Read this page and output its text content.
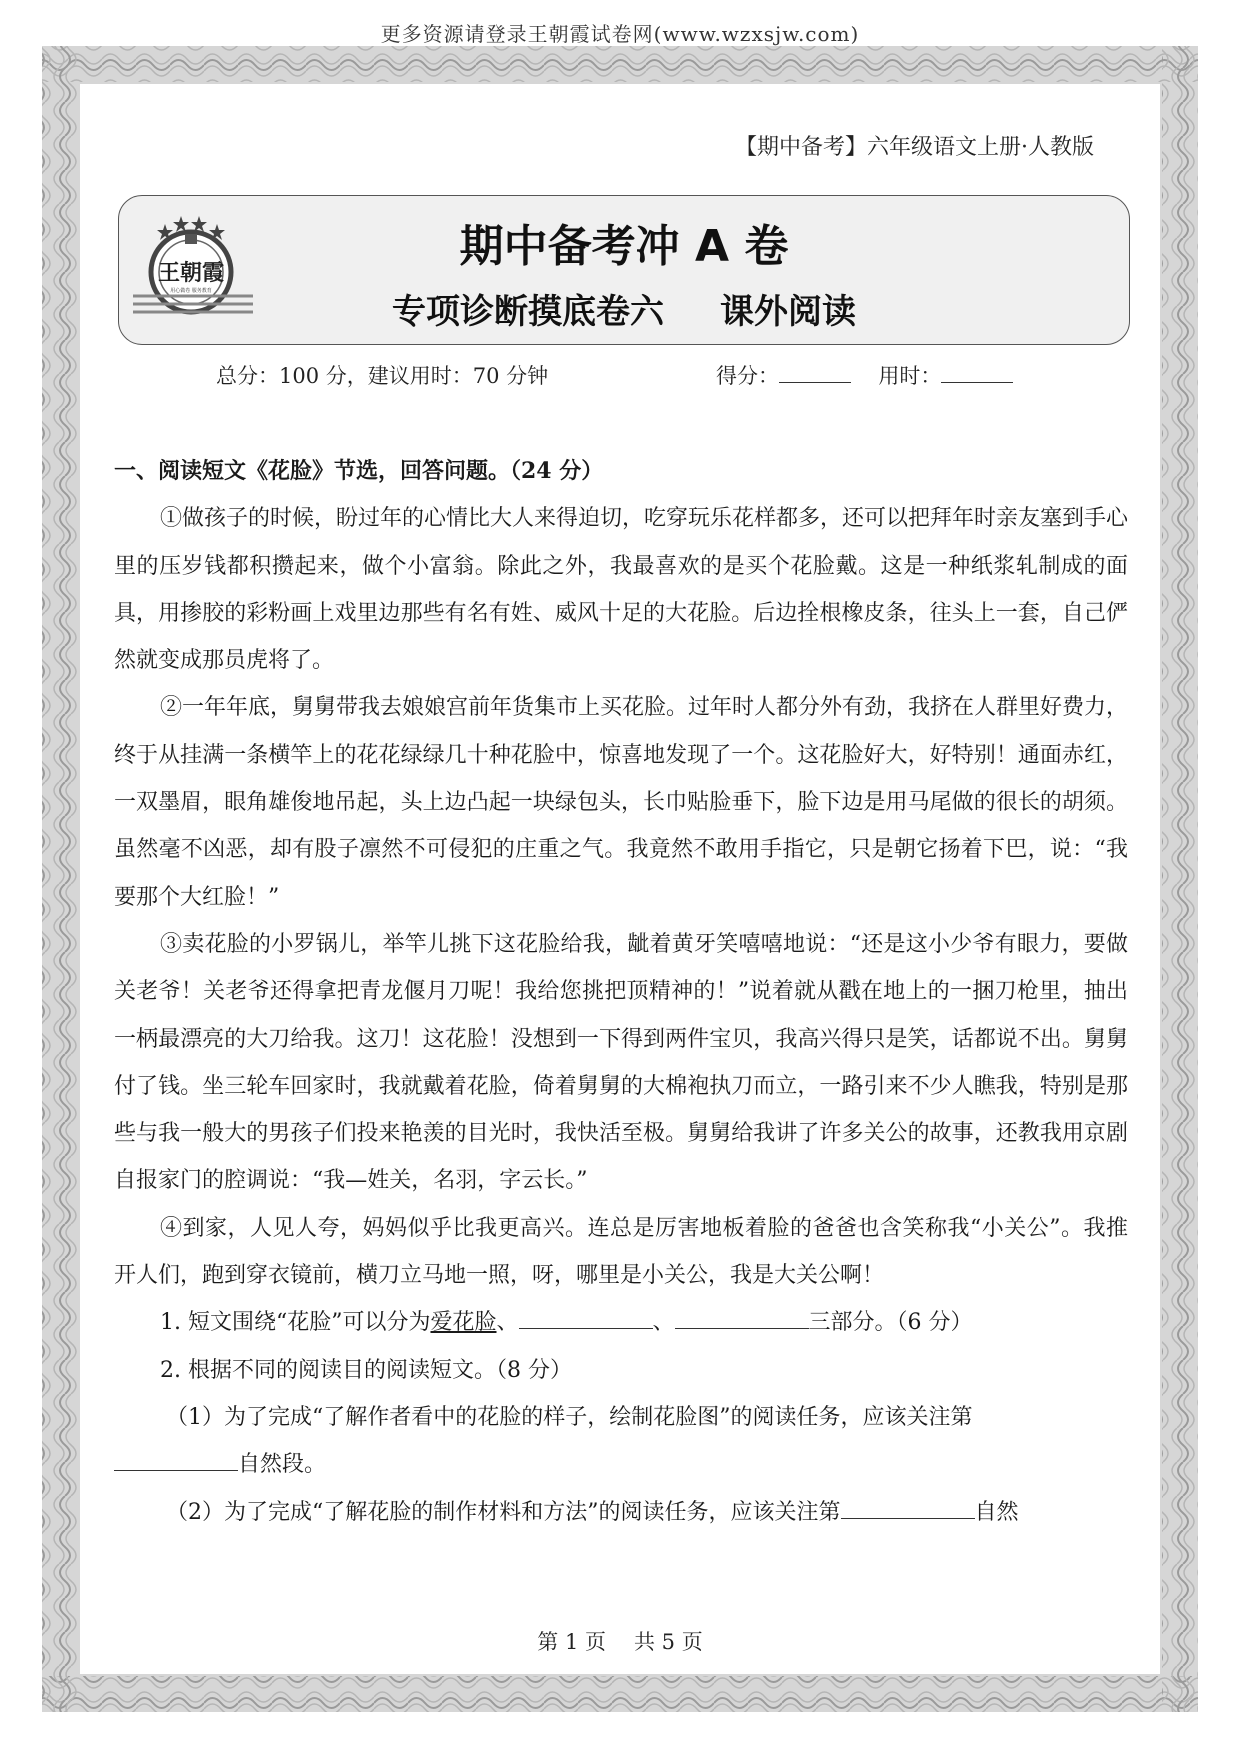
更多资源请登录王朝霞试卷网(www.wzxsjw.com)
【期中备考】六年级语文上册·人教版
王朝霞
用心做卷 服务教育
期中备考冲 A 卷
专项诊断摸底卷六 课外阅读
总分：100 分，建议用时：70 分钟	得分：	用时：

一、阅读短文《花脸》节选，回答问题。（24 分）

①做孩子的时候，盼过年的心情比大人来得迫切，吃穿玩乐花样都多，还可以把拜年时亲友塞到手心里的压岁钱都积攒起来，做个小富翁。除此之外，我最喜欢的是买个花脸戴。这是一种纸浆轧制成的面具，用掺胶的彩粉画上戏里边那些有名有姓、威风十足的大花脸。后边拴根橡皮条，往头上一套，自己俨然就变成那员虎将了。

②一年年底，舅舅带我去娘娘宫前年货集市上买花脸。过年时人都分外有劲，我挤在人群里好费力，终于从挂满一条横竿上的花花绿绿几十种花脸中，惊喜地发现了一个。这花脸好大，好特别！通面赤红，一双墨眉，眼角雄俊地吊起，头上边凸起一块绿包头，长巾贴脸垂下，脸下边是用马尾做的很长的胡须。虽然毫不凶恶，却有股子凛然不可侵犯的庄重之气。我竟然不敢用手指它，只是朝它扬着下巴，说：“我要那个大红脸！”

③卖花脸的小罗锅儿，举竿儿挑下这花脸给我，龇着黄牙笑嘻嘻地说：“还是这小少爷有眼力，要做关老爷！关老爷还得拿把青龙偃月刀呢！我给您挑把顶精神的！”说着就从戳在地上的一捆刀枪里，抽出一柄最漂亮的大刀给我。这刀！这花脸！没想到一下得到两件宝贝，我高兴得只是笑，话都说不出。舅舅付了钱。坐三轮车回家时，我就戴着花脸，倚着舅舅的大棉袍执刀而立，一路引来不少人瞧我，特别是那些与我一般大的男孩子们投来艳羡的目光时，我快活至极。舅舅给我讲了许多关公的故事，还教我用京剧自报家门的腔调说：“我—姓关，名羽，字云长。”

④到家，人见人夸，妈妈似乎比我更高兴。连总是厉害地板着脸的爸爸也含笑称我“小关公”。我推开人们，跑到穿衣镜前，横刀立马地一照，呀，哪里是小关公，我是大关公啊！

1. 短文围绕“花脸”可以分为爱花脸、	、	三部分。（6 分）

2. 根据不同的阅读目的阅读短文。（8 分）

（1）为了完成“了解作者看中的花脸的样子，绘制花脸图”的阅读任务，应该关注第

自然段。

（2）为了完成“了解花脸的制作材料和方法”的阅读任务，应该关注第	自然

第 1 页 共 5 页
